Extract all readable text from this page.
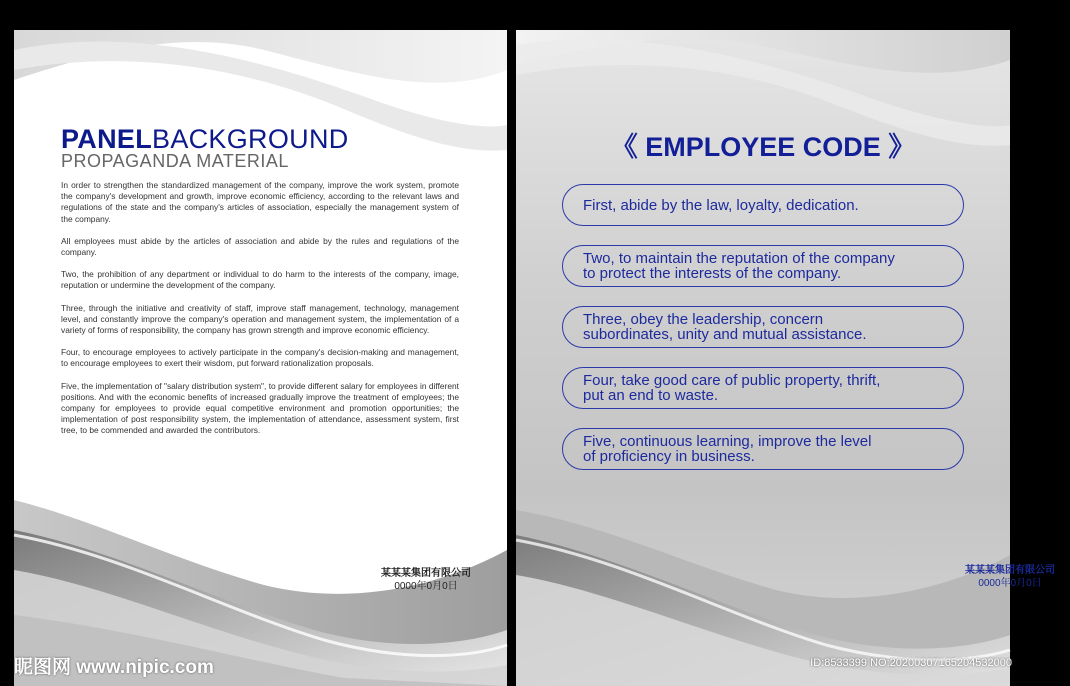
PANELBACKGROUND
PROPAGANDA MATERIAL

In order to strengthen the standardized management of the company, improve the work system, promote the company's development and growth, improve economic efficiency, according to the relevant laws and regulations of the state and the company's articles of association, especially the management system of the company.

All employees must abide by the articles of association and abide by the rules and regulations of the company.

Two, the prohibition of any department or individual to do harm to the interests of the company, image, reputation or undermine the development of the company.

Three, through the initiative and creativity of staff, improve staff management, technology, management level, and constantly improve the company's operation and management system, the implementation of a variety of forms of responsibility, the company has grown strength and improve economic efficiency.

Four, to encourage employees to actively participate in the company's decision-making and management, to encourage employees to exert their wisdom, put forward rationalization proposals.

Five, the implementation of "salary distribution system", to provide different salary for employees in different positions. And with the economic benefits of increased gradually improve the treatment of employees; the company for employees to provide equal competitive environment and promotion opportunities; the implementation of post responsibility system, the implementation of attendance, assessment system, first tree, to be commended and awarded the contributors.

某某某集团有限公司
0000年0月0日
《 EMPLOYEE CODE 》
First, abide by the law, loyalty, dedication.
Two, to maintain the reputation of the company
to protect the interests of the company.
Three, obey the leadership, concern
subordinates, unity and mutual assistance.
Four, take good care of public property, thrift,
put an end to waste.
Five, continuous learning, improve the level
of proficiency in business.
某某某集团有限公司
0000年0月0日
昵图网 www.nipic.com	ID:8533399 NO:20200307165204532000
